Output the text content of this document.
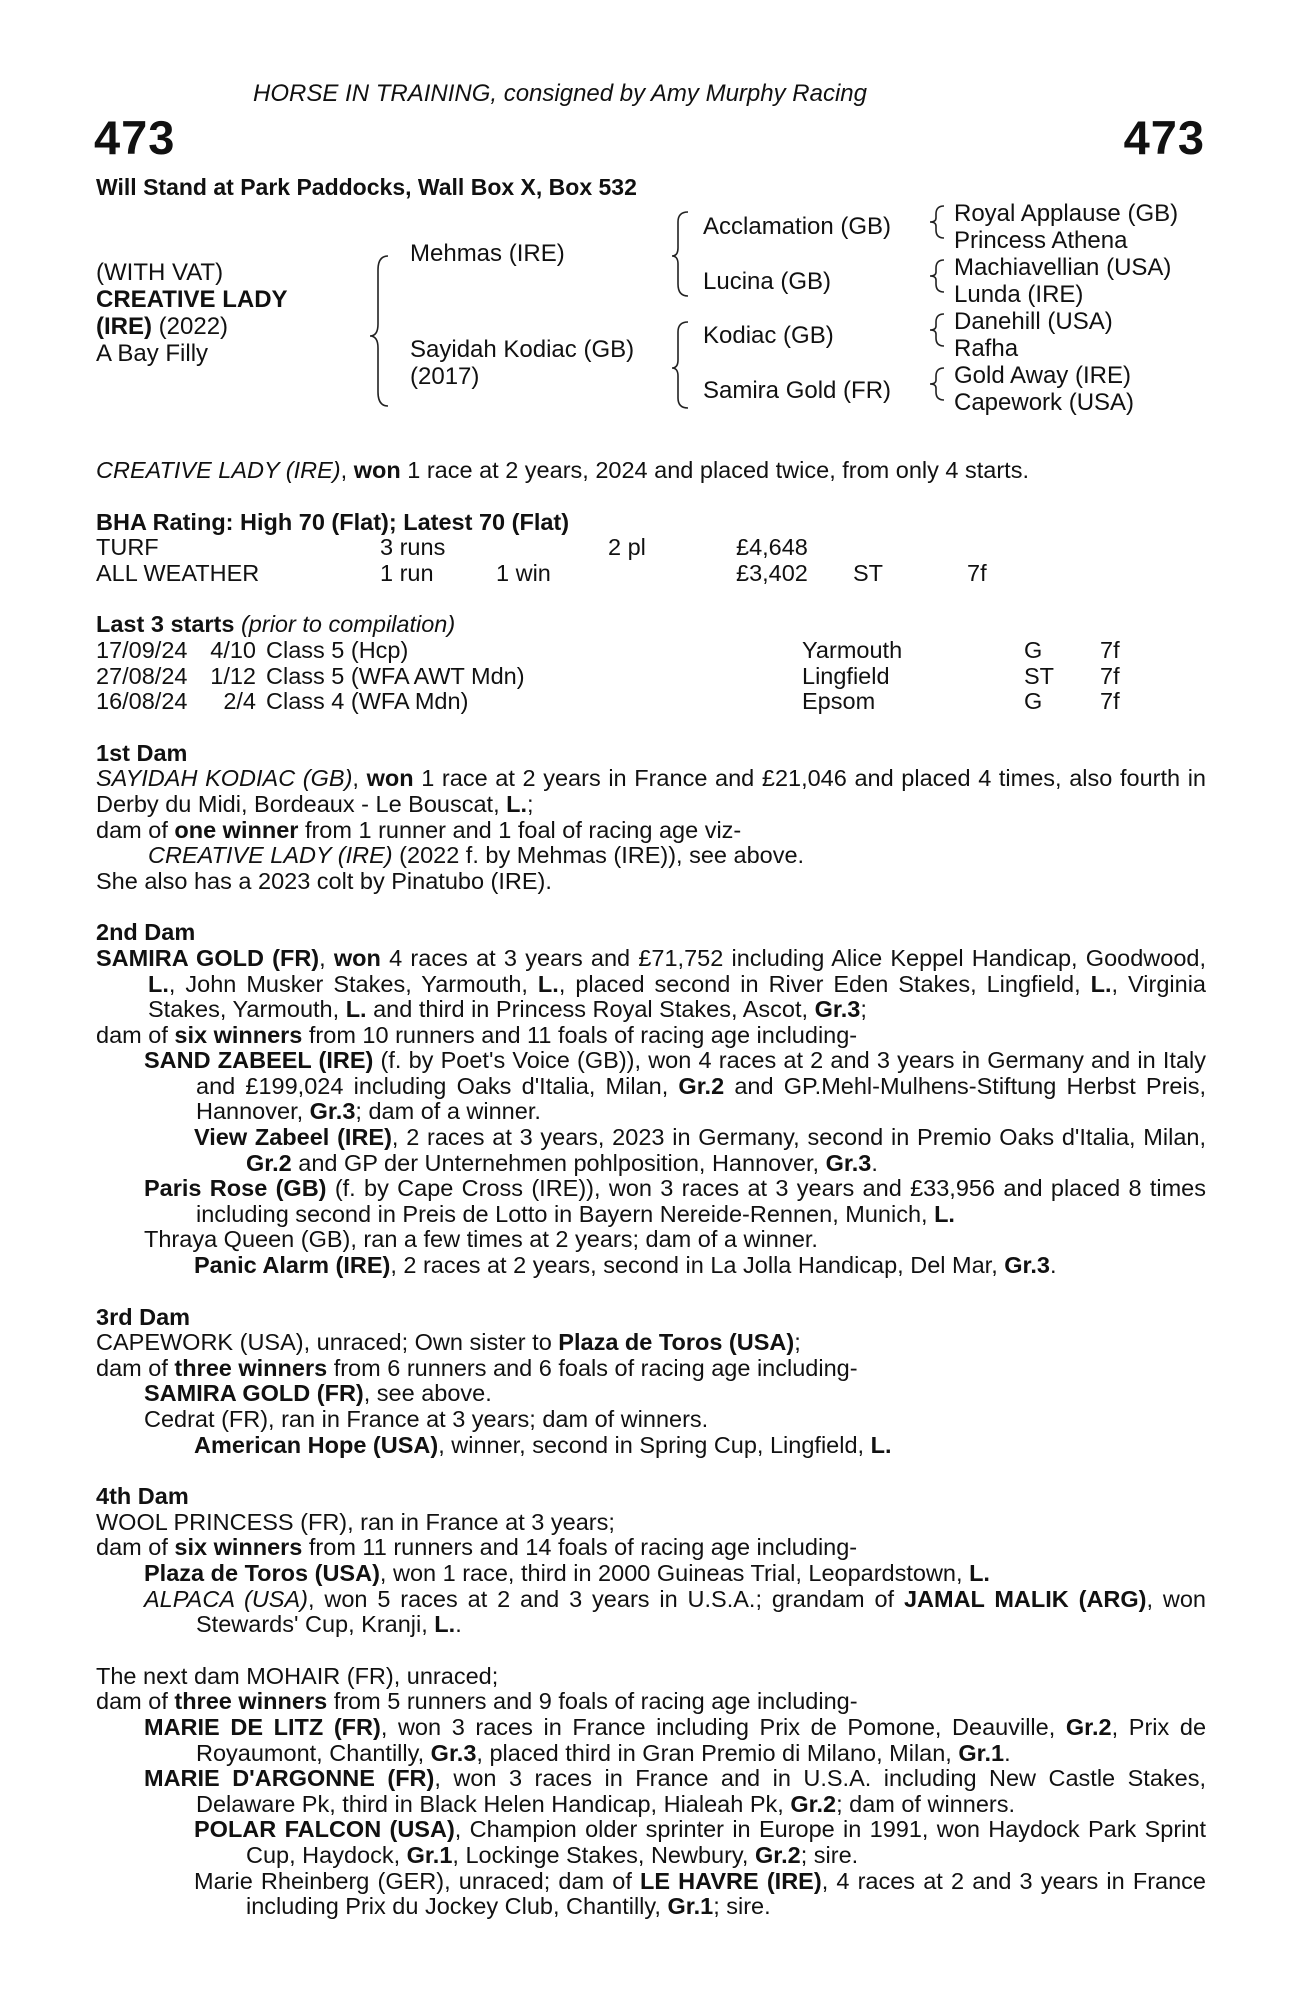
HORSE IN TRAINING, consigned by Amy Murphy Racing
473	473
Will Stand at Park Paddocks, Wall Box X, Box 532
(WITH VAT)
CREATIVE LADY
(IRE) (2022)
A Bay Filly
Mehmas (IRE)
Sayidah Kodiac (GB)
(2017)
Acclamation (GB)
Lucina (GB)
Kodiac (GB)
Samira Gold (FR)
Royal Applause (GB)
Princess Athena
Machiavellian (USA)
Lunda (IRE)
Danehill (USA)
Rafha
Gold Away (IRE)
Capework (USA)

CREATIVE LADY (IRE), won 1 race at 2 years, 2024 and placed twice, from only 4 starts.

BHA Rating: High 70 (Flat); Latest 70 (Flat)

TURF	3 runs		2 pl	£4,648		
ALL WEATHER	1 run	1 win		£3,402	ST	7f

Last 3 starts (prior to compilation)

17/09/24	4/10	Class 5 (Hcp)	Yarmouth	G	7f
27/08/24	1/12	Class 5 (WFA AWT Mdn)	Lingfield	ST	7f
16/08/24	2/4	Class 4 (WFA Mdn)	Epsom	G	7f

1st Dam

SAYIDAH KODIAC (GB), won 1 race at 2 years in France and £21,046 and placed 4 times, also fourth in Derby du Midi, Bordeaux - Le Bouscat, L.;

dam of one winner from 1 runner and 1 foal of racing age viz-

CREATIVE LADY (IRE) (2022 f. by Mehmas (IRE)), see above.

She also has a 2023 colt by Pinatubo (IRE).

2nd Dam

SAMIRA GOLD (FR), won 4 races at 3 years and £71,752 including Alice Keppel Handicap, Goodwood, L., John Musker Stakes, Yarmouth, L., placed second in River Eden Stakes, Lingfield, L., Virginia Stakes, Yarmouth, L. and third in Princess Royal Stakes, Ascot, Gr.3;

dam of six winners from 10 runners and 11 foals of racing age including-

SAND ZABEEL (IRE) (f. by Poet's Voice (GB)), won 4 races at 2 and 3 years in Germany and in Italy and £199,024 including Oaks d'Italia, Milan, Gr.2 and GP.Mehl-Mulhens-Stiftung Herbst Preis, Hannover, Gr.3; dam of a winner.

View Zabeel (IRE), 2 races at 3 years, 2023 in Germany, second in Premio Oaks d'Italia, Milan, Gr.2 and GP der Unternehmen pohlposition, Hannover, Gr.3.

Paris Rose (GB) (f. by Cape Cross (IRE)), won 3 races at 3 years and £33,956 and placed 8 times including second in Preis de Lotto in Bayern Nereide-Rennen, Munich, L.

Thraya Queen (GB), ran a few times at 2 years; dam of a winner.

Panic Alarm (IRE), 2 races at 2 years, second in La Jolla Handicap, Del Mar, Gr.3.

3rd Dam

CAPEWORK (USA), unraced; Own sister to Plaza de Toros (USA);

dam of three winners from 6 runners and 6 foals of racing age including-

SAMIRA GOLD (FR), see above.

Cedrat (FR), ran in France at 3 years; dam of winners.

American Hope (USA), winner, second in Spring Cup, Lingfield, L.

4th Dam

WOOL PRINCESS (FR), ran in France at 3 years;

dam of six winners from 11 runners and 14 foals of racing age including-

Plaza de Toros (USA), won 1 race, third in 2000 Guineas Trial, Leopardstown, L.

ALPACA (USA), won 5 races at 2 and 3 years in U.S.A.; grandam of JAMAL MALIK (ARG), won Stewards' Cup, Kranji, L..

The next dam MOHAIR (FR), unraced;

dam of three winners from 5 runners and 9 foals of racing age including-

MARIE DE LITZ (FR), won 3 races in France including Prix de Pomone, Deauville, Gr.2, Prix de Royaumont, Chantilly, Gr.3, placed third in Gran Premio di Milano, Milan, Gr.1.

MARIE D'ARGONNE (FR), won 3 races in France and in U.S.A. including New Castle Stakes, Delaware Pk, third in Black Helen Handicap, Hialeah Pk, Gr.2; dam of winners.

POLAR FALCON (USA), Champion older sprinter in Europe in 1991, won Haydock Park Sprint Cup, Haydock, Gr.1, Lockinge Stakes, Newbury, Gr.2; sire.

Marie Rheinberg (GER), unraced; dam of LE HAVRE (IRE), 4 races at 2 and 3 years in France including Prix du Jockey Club, Chantilly, Gr.1; sire.
